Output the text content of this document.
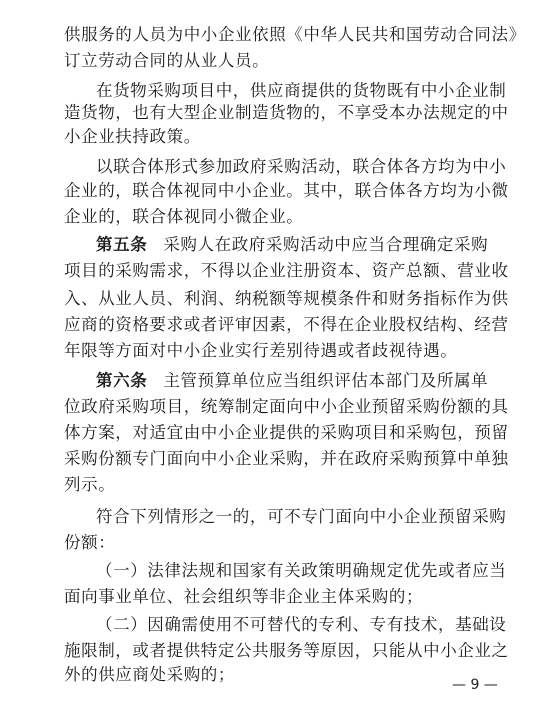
供服务的人员为中小企业依照《中华人民共和国劳动合同法》
订立劳动合同的从业人员。
在货物采购项目中，供应商提供的货物既有中小企业制
造货物，也有大型企业制造货物的，不享受本办法规定的中
小企业扶持政策。
以联合体形式参加政府采购活动，联合体各方均为中小
企业的，联合体视同中小企业。其中，联合体各方均为小微
企业的，联合体视同小微企业。
第五条 采购人在政府采购活动中应当合理确定采购
项目的采购需求，不得以企业注册资本、资产总额、营业收
入、从业人员、利润、纳税额等规模条件和财务指标作为供
应商的资格要求或者评审因素，不得在企业股权结构、经营
年限等方面对中小企业实行差别待遇或者歧视待遇。
第六条 主管预算单位应当组织评估本部门及所属单
位政府采购项目，统筹制定面向中小企业预留采购份额的具
体方案，对适宜由中小企业提供的采购项目和采购包，预留
采购份额专门面向中小企业采购，并在政府采购预算中单独
列示。
符合下列情形之一的，可不专门面向中小企业预留采购
份额：
（一）法律法规和国家有关政策明确规定优先或者应当
面向事业单位、社会组织等非企业主体采购的；
（二）因确需使用不可替代的专利、专有技术，基础设
施限制，或者提供特定公共服务等原因，只能从中小企业之
外的供应商处采购的；
— 9 —
